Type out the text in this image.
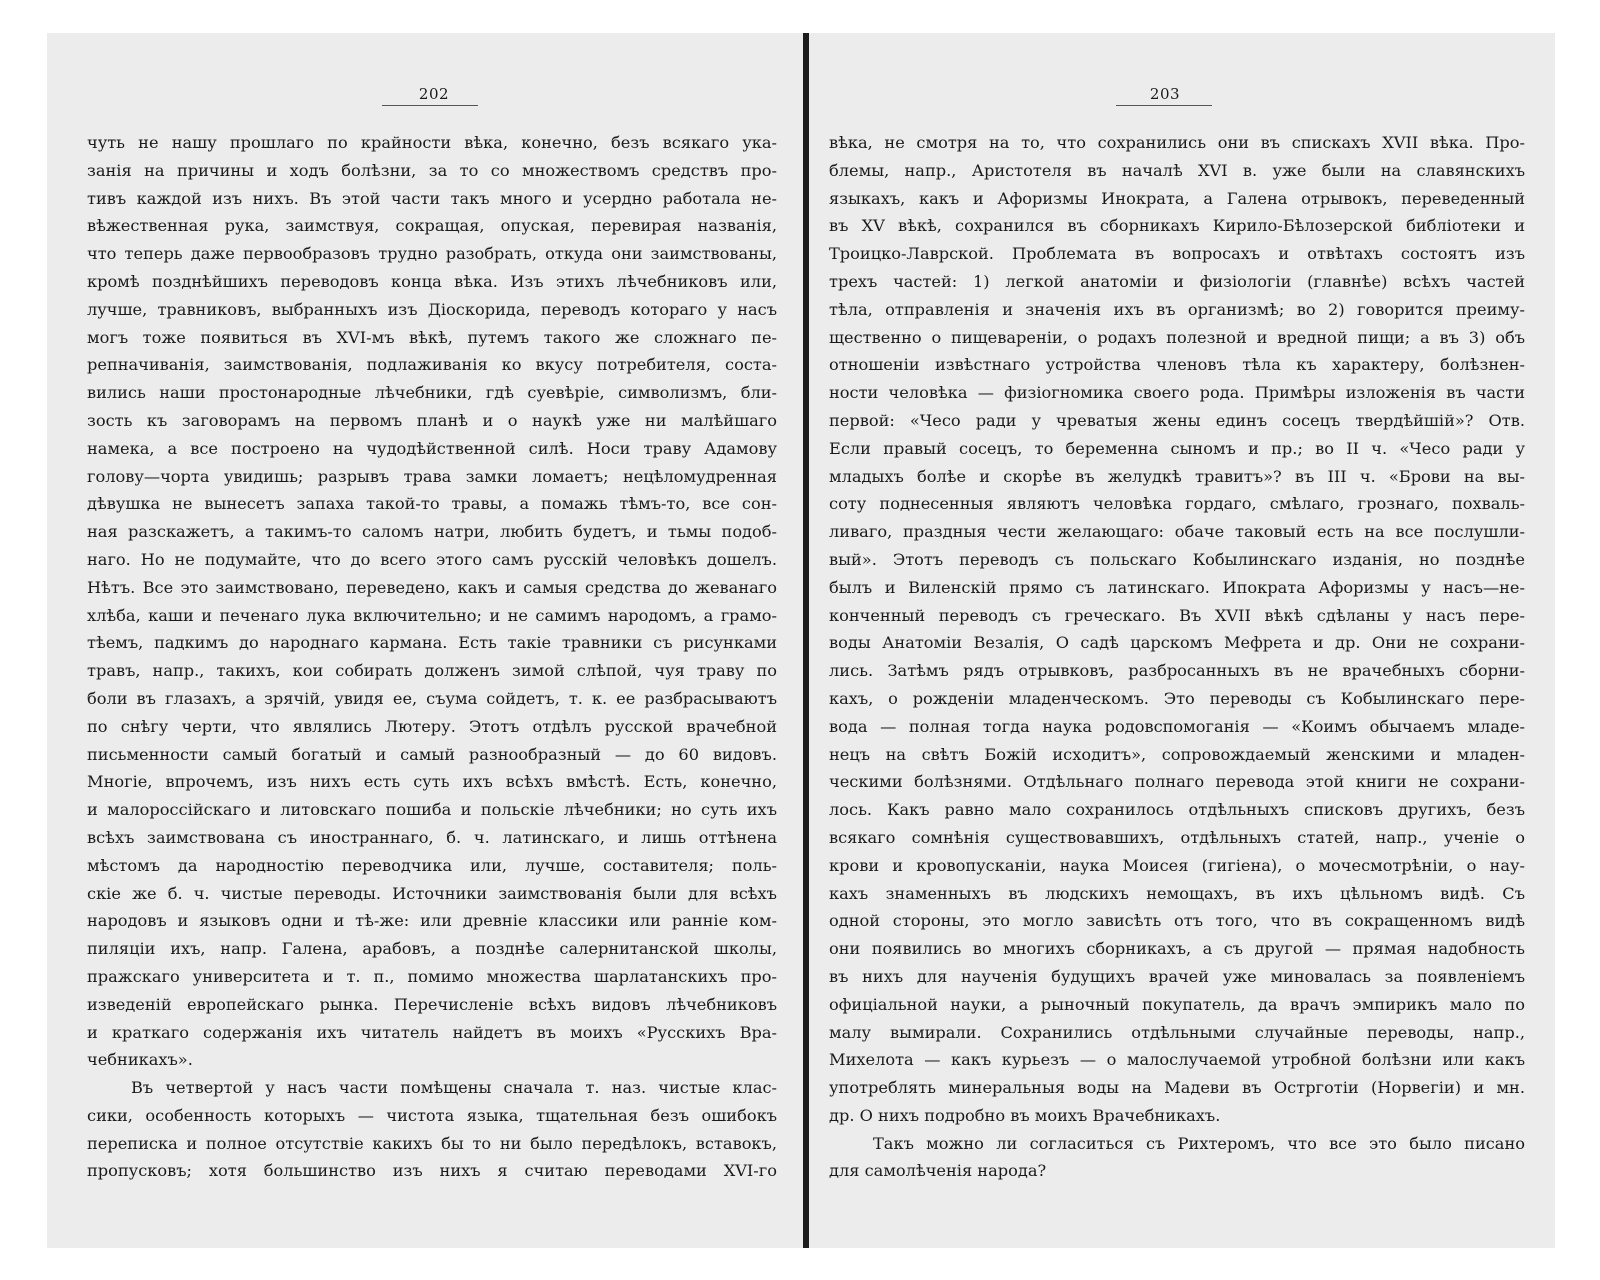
202
чуть не нашу прошлаго по крайности вѣка, конечно, безъ всякаго ука-
занія на причины и ходъ болѣзни, за то со множествомъ средствъ про-
тивъ каждой изъ нихъ. Въ этой части такъ много и усердно работала не-
вѣжественная рука, заимствуя, сокращая, опуская, перевирая названія,
что теперь даже первообразовъ трудно разобрать, откуда они заимствованы,
кромѣ позднѣйшихъ переводовъ конца вѣка. Изъ этихъ лѣчебниковъ или,
лучше, травниковъ, выбранныхъ изъ Діоскорида, переводъ котораго у насъ
могъ тоже появиться въ XVI-мъ вѣкѣ, путемъ такого же сложнаго пе-
репначиванія, заимствованія, подлаживанія ко вкусу потребителя, соста-
вились наши простонародные лѣчебники, гдѣ суевѣріе, символизмъ, бли-
зость къ заговорамъ на первомъ планѣ и о наукѣ уже ни малѣйшаго
намека, а все построено на чудодѣйственной силѣ. Носи траву Адамову
голову—чорта увидишь; разрывъ трава замки ломаетъ; нецѣломудренная
дѣвушка не вынесетъ запаха такой-то травы, а помажь тѣмъ-то, все сон-
ная разскажетъ, а такимъ-то саломъ натри, любить будетъ, и тьмы подоб-
наго. Но не подумайте, что до всего этого самъ русскій человѣкъ дошелъ.
Нѣтъ. Все это заимствовано, переведено, какъ и самыя средства до жеванаго
хлѣба, каши и печенаго лука включительно; и не самимъ народомъ, а грамо-
тѣемъ, падкимъ до народнаго кармана. Есть такіе травники съ рисунками
травъ, напр., такихъ, кои собирать долженъ зимой слѣпой, чуя траву по
боли въ глазахъ, а зрячій, увидя ее, съума сойдетъ, т. к. ее разбрасываютъ
по снѣгу черти, что являлись Лютеру. Этотъ отдѣлъ русской врачебной
письменности самый богатый и самый разнообразный — до 60 видовъ.
Многіе, впрочемъ, изъ нихъ есть суть ихъ всѣхъ вмѣстѣ. Есть, конечно,
и малороссійскаго и литовскаго пошиба и польскіе лѣчебники; но суть ихъ
всѣхъ заимствована съ иностраннаго, б. ч. латинскаго, и лишь оттѣнена
мѣстомъ да народностію переводчика или, лучше, составителя; поль-
скіе же б. ч. чистые переводы. Источники заимствованія были для всѣхъ
народовъ и языковъ одни и тѣ-же: или древніе классики или ранніе ком-
пиляціи ихъ, напр. Галена, арабовъ, а позднѣе салернитанской школы,
пражскаго университета и т. п., помимо множества шарлатанскихъ про-
изведеній европейскаго рынка. Перечисленіе всѣхъ видовъ лѣчебниковъ
и краткаго содержанія ихъ читатель найдетъ въ моихъ «Русскихъ Вра-
чебникахъ».
Въ четвертой у насъ части помѣщены сначала т. наз. чистые клас-
сики, особенность которыхъ — чистота языка, тщательная безъ ошибокъ
переписка и полное отсутствіе какихъ бы то ни было передѣлокъ, вставокъ,
пропусковъ; хотя большинство изъ нихъ я считаю переводами XVI-го
203
вѣка, не смотря на то, что сохранились они въ спискахъ XVII вѣка. Про-
блемы, напр., Аристотеля въ началѣ XVI в. уже были на славянскихъ
языкахъ, какъ и Афоризмы Инократа, а Галена отрывокъ, переведенный
въ XV вѣкѣ, сохранился въ сборникахъ Кирило-Бѣлозерской библіотеки и
Троицко-Лаврской. Проблемата въ вопросахъ и отвѣтахъ состоятъ изъ
трехъ частей: 1) легкой анатоміи и физіологіи (главнѣе) всѣхъ частей
тѣла, отправленія и значенія ихъ въ организмѣ; во 2) говорится преиму-
щественно о пищевареніи, о родахъ полезной и вредной пищи; а въ 3) объ
отношеніи извѣстнаго устройства членовъ тѣла къ характеру, болѣзнен-
ности человѣка — физіогномика своего рода. Примѣры изложенія въ части
первой: «Чесо ради у чреватыя жены единъ сосецъ твердѣйшій»? Отв.
Если правый сосецъ, то беременна сыномъ и пр.; во II ч. «Чесо ради у
младыхъ болѣе и скорѣе въ желудкѣ травитъ»? въ III ч. «Брови на вы-
соту поднесенныя являютъ человѣка гордаго, смѣлаго, грознаго, похваль-
ливаго, праздныя чести желающаго: обаче таковый есть на все послушли-
вый». Этотъ переводъ съ польскаго Кобылинскаго изданія, но позднѣе
былъ и Виленскій прямо съ латинскаго. Ипократа Афоризмы у насъ—не-
конченный переводъ съ греческаго. Въ XVII вѣкѣ сдѣланы у насъ пере-
воды Анатоміи Везалія, О садѣ царскомъ Мефрета и др. Они не сохрани-
лись. Затѣмъ рядъ отрывковъ, разбросанныхъ въ не врачебныхъ сборни-
кахъ, о рожденіи младенческомъ. Это переводы съ Кобылинскаго пере-
вода — полная тогда наука родовспомоганія — «Коимъ обычаемъ младе-
нецъ на свѣтъ Божій исходитъ», сопровождаемый женскими и младен-
ческими болѣзнями. Отдѣльнаго полнаго перевода этой книги не сохрани-
лось. Какъ равно мало сохранилось отдѣльныхъ списковъ другихъ, безъ
всякаго сомнѣнія существовавшихъ, отдѣльныхъ статей, напр., ученіе о
крови и кровопусканіи, наука Моисея (гигіена), о мочесмотрѣніи, о нау-
кахъ знаменныхъ въ людскихъ немощахъ, въ ихъ цѣльномъ видѣ. Съ
одной стороны, это могло зависѣть отъ того, что въ сокращенномъ видѣ
они появились во многихъ сборникахъ, а съ другой — прямая надобность
въ нихъ для наученія будущихъ врачей уже миновалась за появленіемъ
офиціальной науки, а рыночный покупатель, да врачъ эмпирикъ мало по
малу вымирали. Сохранились отдѣльными случайные переводы, напр.,
Михелота — какъ курьезъ — о малослучаемой утробной болѣзни или какъ
употреблять минеральныя воды на Мадеви въ Острготіи (Норвегіи) и мн.
др. О нихъ подробно въ моихъ Врачебникахъ.
Такъ можно ли согласиться съ Рихтеромъ, что все это было писано
для самолѣченія народа?
